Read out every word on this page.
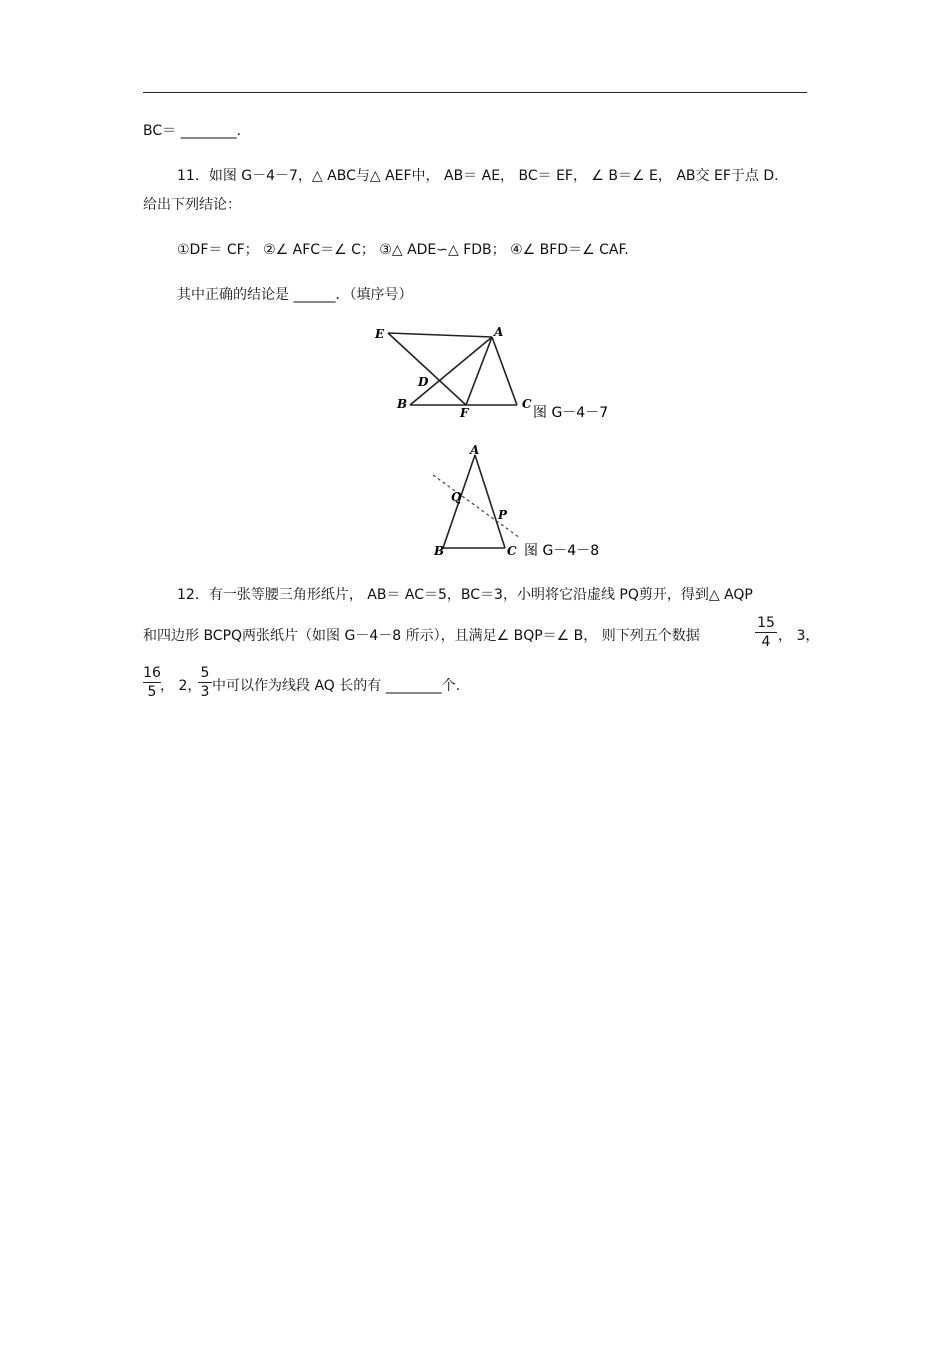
BC＝ ________.
11．如图 G－4－7，△ ABC与△ AEF中， AB＝ AE， BC＝ EF， ∠ B＝∠ E， AB交 EF于点 D.
给出下列结论：
①DF＝ CF； ②∠ AFC＝∠ C； ③△ ADE∽△ FDB； ④∠ BFD＝∠ CAF.
其中正确的结论是 ______．（填序号）
E	A
D
B
F
C
图 G－4－7
A
Q
P
B	C 图 G－4－8
12．有一张等腰三角形纸片， AB＝ AC＝5，BC＝3，小明将它沿虚线 PQ剪开，得到△ AQP
和四边形 BCPQ两张纸片（如图 G－4－8 所示），且满足∠ BQP＝∠ B， 则下列五个数据
15
4 ， 3，
16
5 ， 2，
5
3 中可以作为线段 AQ 长的有 ________个.
